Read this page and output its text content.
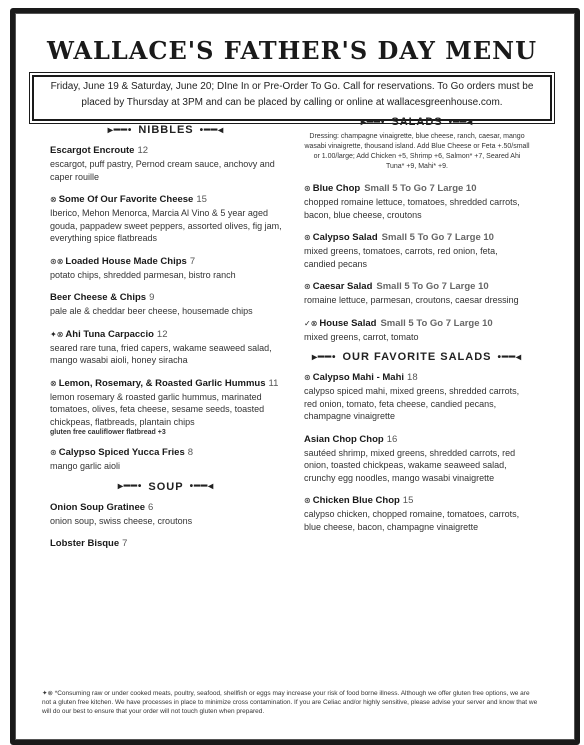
WALLACE'S FATHER'S DAY MENU
Friday, June 19 & Saturday, June 20; DIne In or Pre-Order To Go. Call for reservations. To Go orders must be placed by Thursday at 3PM and can be placed by calling or online at wallacesgreenhouse.com.
▸━━• NIBBLES •━━◂
Escargot Encroute 12
escargot, puff pastry, Pernod cream sauce, anchovy and caper rouille
⊗ Some Of Our Favorite Cheese 15
Iberico, Mehon Menorca, Marcia Al Vino & 5 year aged gouda, pappadew sweet peppers, assorted olives, fig jam, everything spice flatbreads
⊛⊗ Loaded House Made Chips 7
potato chips, shredded parmesan, bistro ranch
Beer Cheese & Chips 9
pale ale & cheddar beer cheese, housemade chips
✦⊗ Ahi Tuna Carpaccio 12
seared rare tuna, fried capers, wakame seaweed salad, mango wasabi aioli, honey siracha
⊗ Lemon, Rosemary, & Roasted Garlic Hummus 11
lemon rosemary & roasted garlic hummus, marinated tomatoes, olives, feta cheese, sesame seeds, toasted chickpeas, flatbreads, plantain chips
gluten free cauliflower flatbread +3
⊛ Calypso Spiced Yucca Fries 8
mango garlic aioli
▸━━• SOUP •━━◂
Onion Soup Gratinee 6
onion soup, swiss cheese, croutons
Lobster Bisque 7
▸━━• SALADS •━━◂
Dressing: champagne vinaigrette, blue cheese, ranch, caesar, mango wasabi vinaigrette, thousand island. Add Blue Cheese or Feta +.50/small or 1.00/large; Add Chicken +5, Shrimp +6, Salmon* +7, Seared Ahi Tuna* +9, Mahi* +9.
⊛ Blue Chop Small 5 To Go 7 Large 10
chopped romaine lettuce, tomatoes, shredded carrots, bacon, blue cheese, croutons
⊛ Calypso Salad Small 5 To Go 7 Large 10
mixed greens, tomatoes, carrots, red onion, feta, candied pecans
⊛ Caesar Salad Small 5 To Go 7 Large 10
romaine lettuce, parmesan, croutons, caesar dressing
✓⊗ House Salad Small 5 To Go 7 Large 10
mixed greens, carrot, tomato
▸━━• OUR FAVORITE SALADS •━━◂
⊛ Calypso Mahi - Mahi 18
calypso spiced mahi, mixed greens, shredded carrots, red onion, tomato, feta cheese, candied pecans, champagne vinaigrette
Asian Chop Chop 16
sautéed shrimp, mixed greens, shredded carrots, red onion, toasted chickpeas, wakame seaweed salad, crunchy egg noodles, mango wasabi vinaigrette
⊛ Chicken Blue Chop 15
calypso chicken, chopped romaine, tomatoes, carrots, blue cheese, bacon, champagne vinaigrette
✦⊗ *Consuming raw or under cooked meats, poultry, seafood, shellfish or eggs may increase your risk of food borne illness. Although we offer gluten free options, we are not a gluten free kitchen. We have processes in place to minimize cross contamination. If you are Celiac and/or highly sensitive, please advise your server and know that we will do our best to ensure that your order will not touch gluten when prepared.
